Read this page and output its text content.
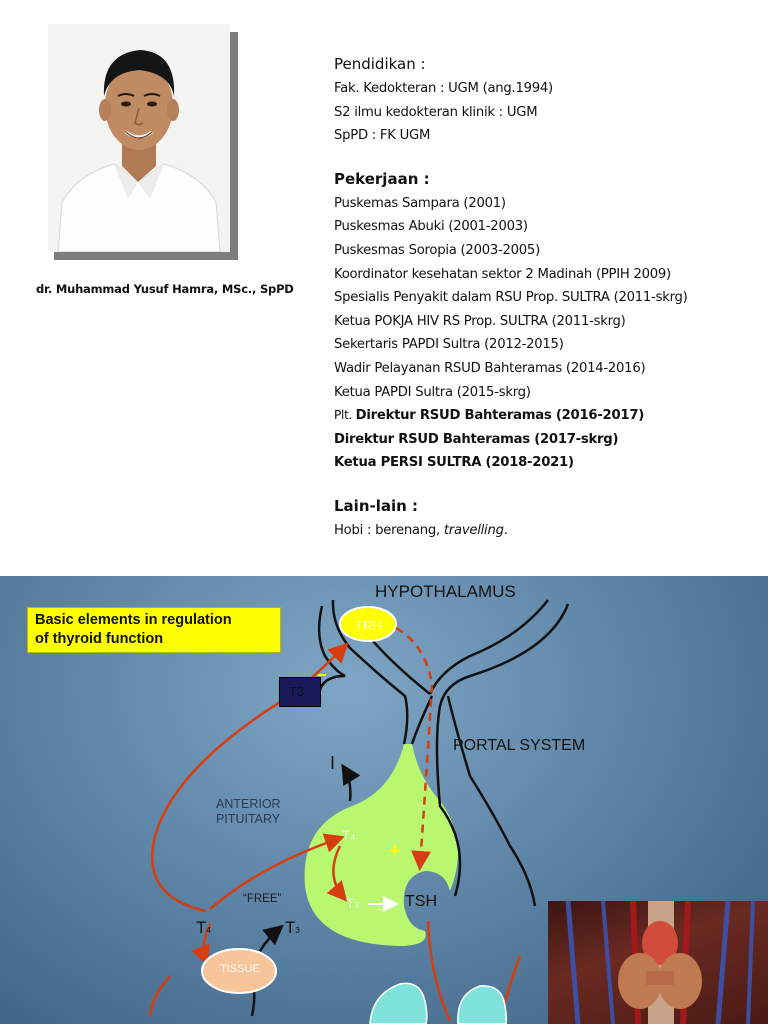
dr. Muhammad Yusuf Hamra, MSc., SpPD
Pendidikan :
Fak. Kedokteran : UGM (ang.1994)
S2 ilmu kedokteran klinik : UGM
SpPD : FK UGM
Pekerjaan :
Puskemas Sampara (2001)
Puskesmas Abuki (2001-2003)
Puskesmas Soropia (2003-2005)
Koordinator kesehatan sektor 2 Madinah (PPIH 2009)
Spesialis Penyakit dalam RSU Prop. SULTRA (2011-skrg)
Ketua POKJA HIV RS Prop. SULTRA (2011-skrg)
Sekertaris PAPDI Sultra (2012-2015)
Wadir Pelayanan RSUD Bahteramas (2014-2016)
Ketua PAPDI Sultra (2015-skrg)
Plt. Direktur RSUD Bahteramas (2016-2017)
Direktur RSUD Bahteramas (2017-skrg)
Ketua PERSI SULTRA (2018-2021)
Lain-lain :
Hobi : berenang, travelling.
Basic elements in regulation
of thyroid function
HYPOTHALAMUS
PORTAL SYSTEM
ANTERIOR
PITUITARY
“FREE”
TRH
T3
TISSUE
TSH
I
T4
T3
T4	T3
+
−
